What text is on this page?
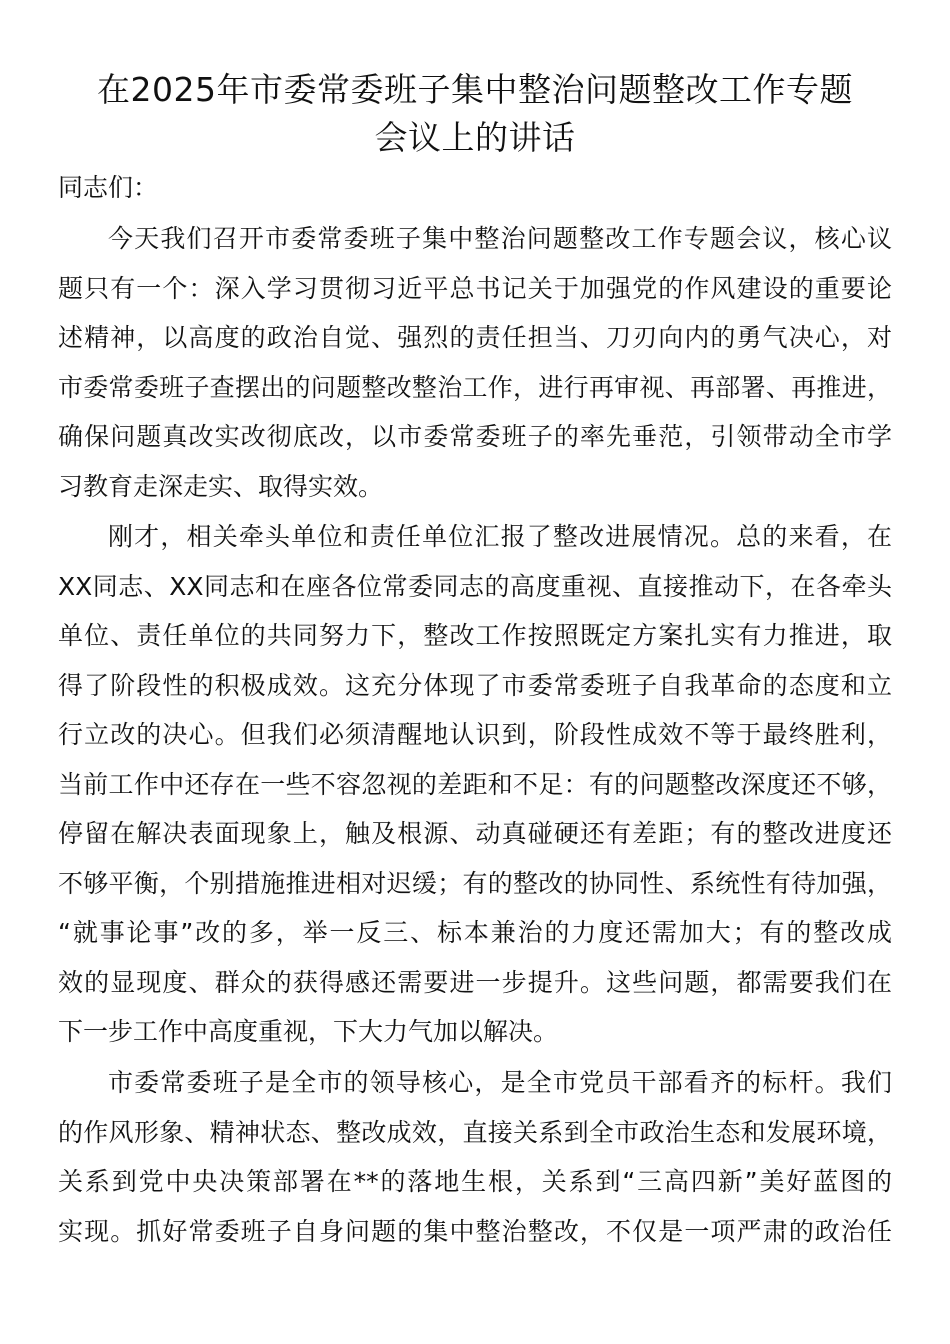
在2025年市委常委班子集中整治问题整改工作专题
会议上的讲话

同志们：

今天我们召开市委常委班子集中整治问题整改工作专题会议，核心议
题只有一个：深入学习贯彻习近平总书记关于加强党的作风建设的重要论
述精神，以高度的政治自觉、强烈的责任担当、刀刃向内的勇气决心，对
市委常委班子查摆出的问题整改整治工作，进行再审视、再部署、再推进，
确保问题真改实改彻底改，以市委常委班子的率先垂范，引领带动全市学
习教育走深走实、取得实效。
刚才，相关牵头单位和责任单位汇报了整改进展情况。总的来看，在
XX同志、XX同志和在座各位常委同志的高度重视、直接推动下，在各牵头
单位、责任单位的共同努力下，整改工作按照既定方案扎实有力推进，取
得了阶段性的积极成效。这充分体现了市委常委班子自我革命的态度和立
行立改的决心。但我们必须清醒地认识到，阶段性成效不等于最终胜利，
当前工作中还存在一些不容忽视的差距和不足：有的问题整改深度还不够，
停留在解决表面现象上，触及根源、动真碰硬还有差距；有的整改进度还
不够平衡，个别措施推进相对迟缓；有的整改的协同性、系统性有待加强，
“就事论事”改的多，举一反三、标本兼治的力度还需加大；有的整改成
效的显现度、群众的获得感还需要进一步提升。这些问题，都需要我们在
下一步工作中高度重视，下大力气加以解决。
市委常委班子是全市的领导核心，是全市党员干部看齐的标杆。我们
的作风形象、精神状态、整改成效，直接关系到全市政治生态和发展环境，
关系到党中央决策部署在**的落地生根，关系到“三高四新”美好蓝图的
实现。抓好常委班子自身问题的集中整治整改，不仅是一项严肃的政治任
